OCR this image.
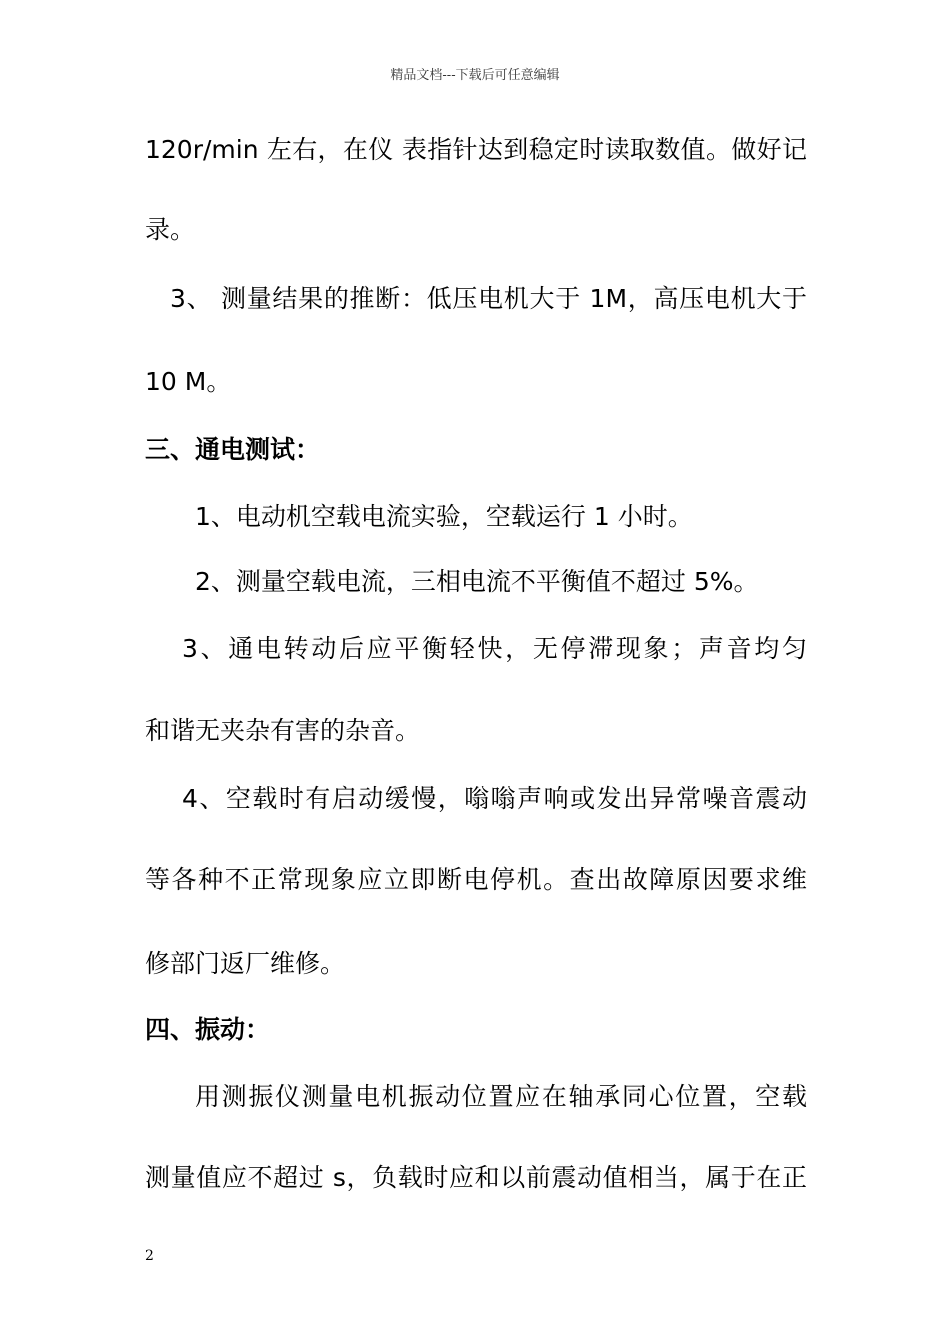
精品文档---下载后可任意编辑
120r/min 左右，在仪 表指针达到稳定时读取数值。做好记
录。
3、 测量结果的推断：低压电机大于 1M，高压电机大于
10 M。
三、通电测试：
1、电动机空载电流实验，空载运行 1 小时。
2、测量空载电流，三相电流不平衡值不超过 5%。
3、通电转动后应平衡轻快，无停滞现象；声音均匀
和谐无夹杂有害的杂音。
4、空载时有启动缓慢，嗡嗡声响或发出异常噪音震动
等各种不正常现象应立即断电停机。查出故障原因要求维
修部门返厂维修。
四、振动：
用测振仪测量电机振动位置应在轴承同心位置，空载
测量值应不超过 s，负载时应和以前震动值相当，属于在正
2
